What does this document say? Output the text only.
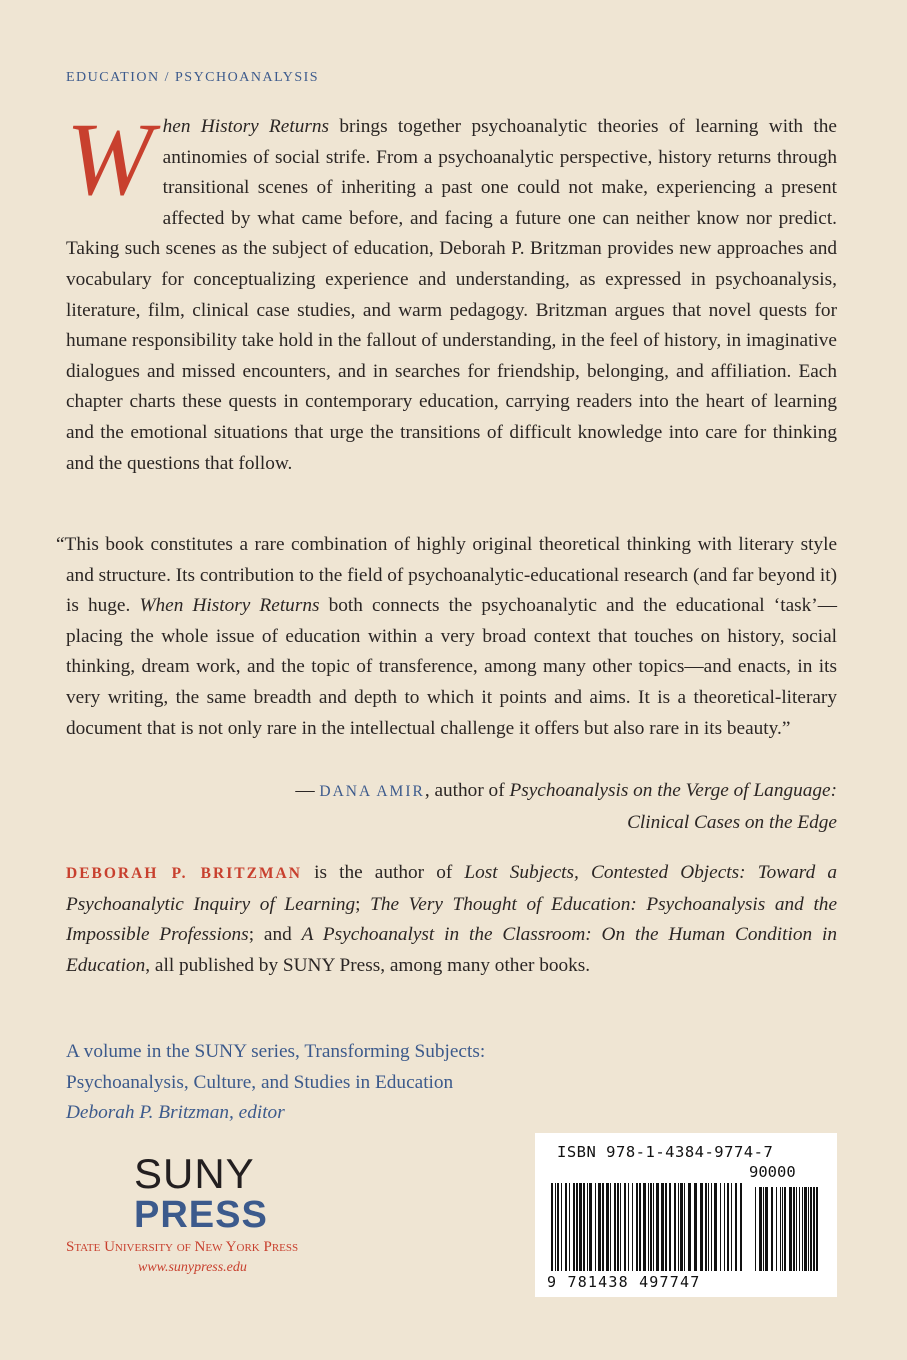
EDUCATION / PSYCHOANALYSIS

When History Returns brings together psychoanalytic theories of learning with the antinomies of social strife. From a psychoanalytic perspective, history returns through transitional scenes of inheriting a past one could not make, experiencing a present affected by what came before, and facing a future one can neither know nor predict. Taking such scenes as the subject of education, Deborah P. Britzman provides new approaches and vocabulary for conceptualizing experience and understanding, as expressed in psychoanalysis, literature, film, clinical case studies, and warm pedagogy. Britzman argues that novel quests for humane responsibility take hold in the fallout of understanding, in the feel of history, in imaginative dialogues and missed encounters, and in searches for friendship, belonging, and affiliation. Each chapter charts these quests in contemporary education, carrying readers into the heart of learning and the emotional situations that urge the transitions of difficult knowledge into care for thinking and the questions that follow.

“This book constitutes a rare combination of highly original theoretical thinking with literary style and structure. Its contribution to the field of psychoanalytic-educational research (and far beyond it) is huge. When History Returns both connects the psychoanalytic and the educational ‘task’—placing the whole issue of education within a very broad context that touches on history, social thinking, dream work, and the topic of transference, among many other topics—and enacts, in its very writing, the same breadth and depth to which it points and aims. It is a theoretical-literary document that is not only rare in the intellectual challenge it offers but also rare in its beauty.”

— DANA AMIR, author of Psychoanalysis on the Verge of Language:
Clinical Cases on the Edge

DEBORAH P. BRITZMAN is the author of Lost Subjects, Contested Objects: Toward a Psychoanalytic Inquiry of Learning; The Very Thought of Education: Psychoanalysis and the Impossible Professions; and A Psychoanalyst in the Classroom: On the Human Condition in Education, all published by SUNY Press, among many other books.

A volume in the SUNY series, Transforming Subjects:
Psychoanalysis, Culture, and Studies in Education
Deborah P. Britzman, editor
SUNY
PRESS
State University of New York Press
www.sunypress.edu
ISBN 978-1-4384-9774-7
90000
9 781438 497747
